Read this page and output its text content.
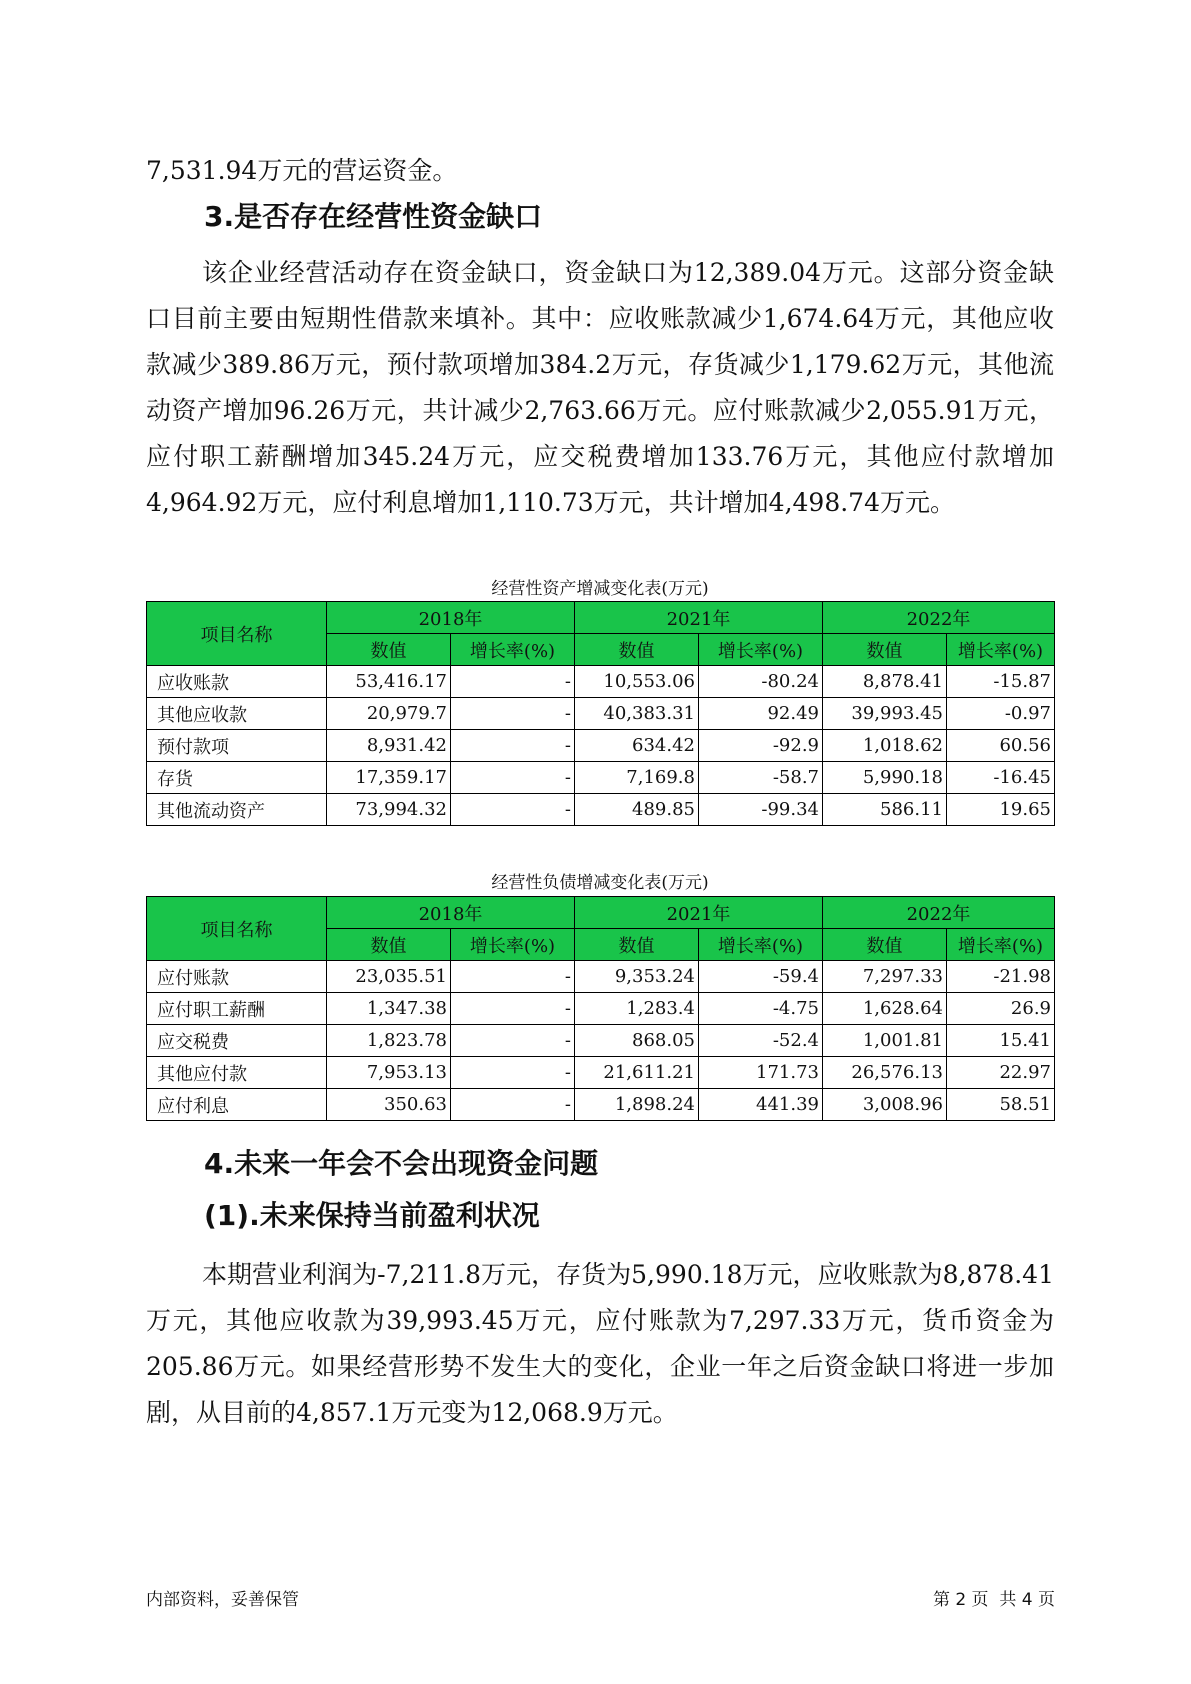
7,531.94万元的营运资金。

3.是否存在经营性资金缺口

该企业经营活动存在资金缺口，资金缺口为12,389.04万元。这部分资金缺口目前主要由短期性借款来填补。其中：应收账款减少1,674.64万元，其他应收款减少389.86万元，预付款项增加384.2万元，存货减少1,179.62万元，其他流动资产增加96.26万元，共计减少2,763.66万元。应付账款减少2,055.91万元，应付职工薪酬增加345.24万元，应交税费增加133.76万元，其他应付款增加4,964.92万元，应付利息增加1,110.73万元，共计增加4,498.74万元。

经营性资产增减变化表(万元)

项目名称	2018年		2021年		2022年	
	数值	增长率(%)	数值	增长率(%)	数值	增长率(%)
应收账款	53,416.17	-	10,553.06	-80.24	8,878.41	-15.87
其他应收款	20,979.7	-	40,383.31	92.49	39,993.45	-0.97
预付款项	8,931.42	-	634.42	-92.9	1,018.62	60.56
存货	17,359.17	-	7,169.8	-58.7	5,990.18	-16.45
其他流动资产	73,994.32	-	489.85	-99.34	586.11	19.65

经营性负债增减变化表(万元)

项目名称	2018年		2021年		2022年	
	数值	增长率(%)	数值	增长率(%)	数值	增长率(%)
应付账款	23,035.51	-	9,353.24	-59.4	7,297.33	-21.98
应付职工薪酬	1,347.38	-	1,283.4	-4.75	1,628.64	26.9
应交税费	1,823.78	-	868.05	-52.4	1,001.81	15.41
其他应付款	7,953.13	-	21,611.21	171.73	26,576.13	22.97
应付利息	350.63	-	1,898.24	441.39	3,008.96	58.51
4.未来一年会不会出现资金问题
(1).未来保持当前盈利状况

本期营业利润为-7,211.8万元，存货为5,990.18万元，应收账款为8,878.41万元，其他应收款为39,993.45万元，应付账款为7,297.33万元，货币资金为205.86万元。如果经营形势不发生大的变化，企业一年之后资金缺口将进一步加剧，从目前的4,857.1万元变为12,068.9万元。

内部资料，妥善保管	第 2 页  共 4 页
